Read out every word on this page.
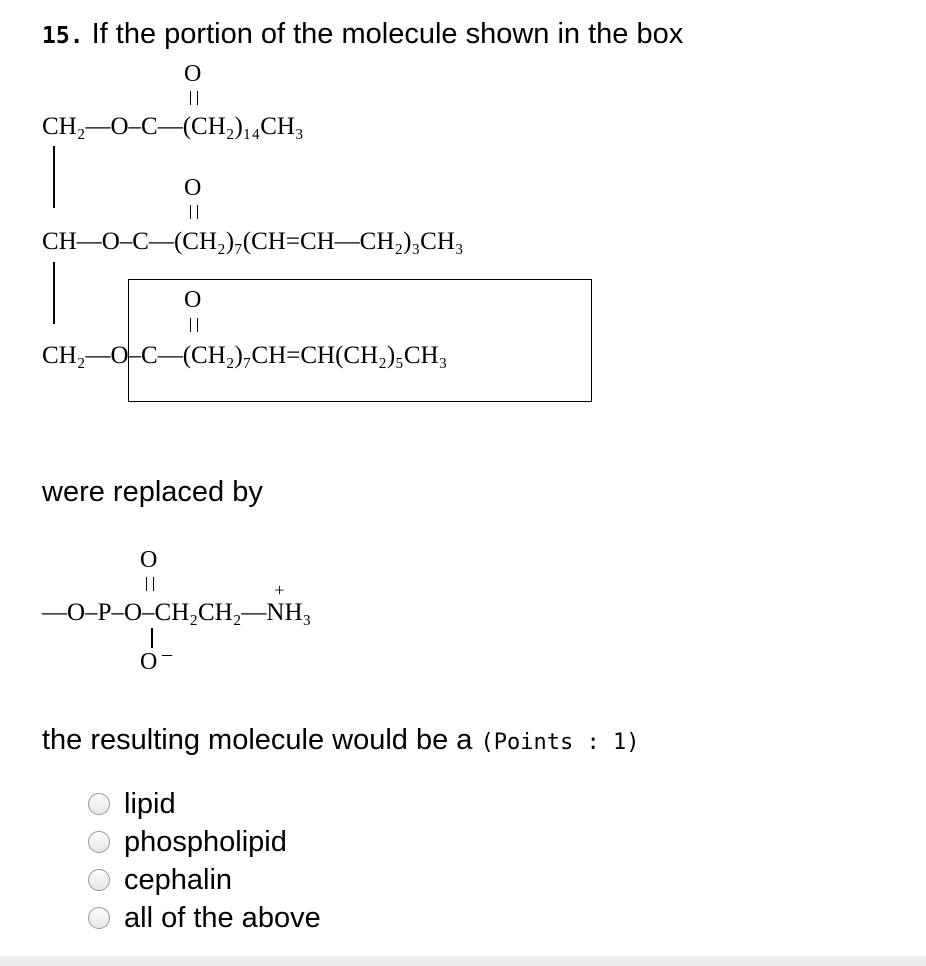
15. If the portion of the molecule shown in the box
O
CH₂—O–C—(CH₂)₁₄CH₃
O
CH—O–C—(CH₂)₇(CH=CH—CH₂)₃CH₃
O
CH₂—O–C—(CH₂)₇CH=CH(CH₂)₅CH₃
were replaced by
O
—O–P–O–CH₂CH₂—NH₃
+
O –
the resulting molecule would be a (Points : 1)
lipid
phospholipid
cephalin
all of the above
